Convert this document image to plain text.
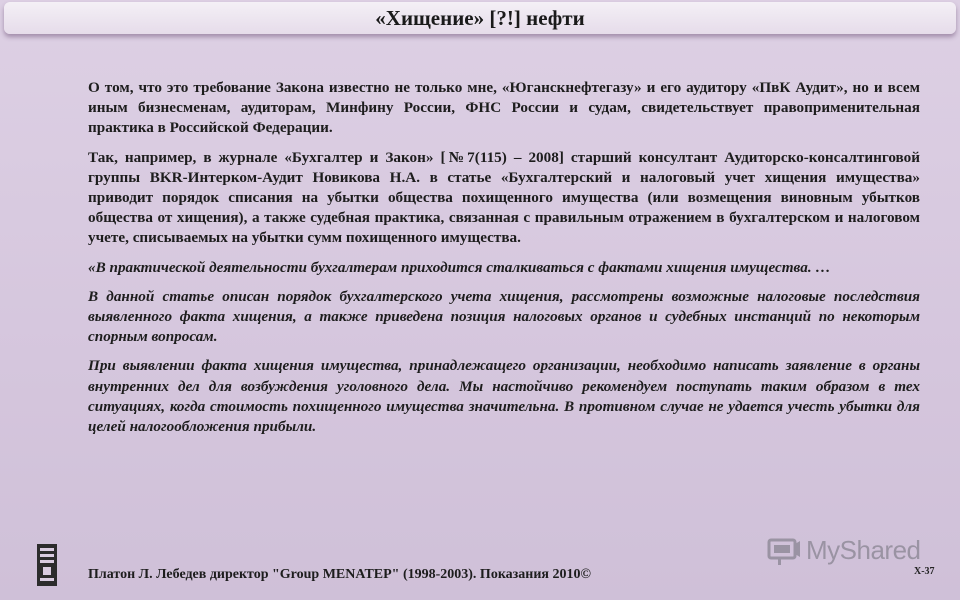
«Хищение» [?!] нефти

О том, что это требование Закона известно не только мне, «Юганскнефтегазу» и его аудитору «ПвК Аудит», но и всем иным бизнесменам, аудиторам, Минфину России, ФНС России и судам, свидетельствует правоприменительная практика в Российской Федерации.

Так, например, в журнале «Бухгалтер и Закон» [№7(115) – 2008] старший консултант Аудиторско-консалтинговой группы BKR-Интерком-Аудит Новикова Н.А. в статье «Бухгалтерский и налоговый учет хищения имущества» приводит порядок списания на убытки общества похищенного имущества (или возмещения виновным убытков общества от хищения), а также судебная практика, связанная с правильным отражением в бухгалтерском и налоговом учете, списываемых на убытки сумм похищенного имущества.

«В практической деятельности бухгалтерам приходится сталкиваться с фактами хищения имущества. …

В данной статье описан порядок бухгалтерского учета хищения, рассмотрены возможные налоговые последствия выявленного факта хищения, а также приведена позиция налоговых органов и судебных инстанций по некоторым спорным вопросам.

При выявлении факта хищения имущества, принадлежащего организации, необходимо написать заявление в органы внутренних дел для возбуждения уголовного дела. Мы настойчиво рекомендуем поступать таким образом в тех ситуациях, когда стоимость похищенного имущества значительна. В противном случае не удается учесть убытки для целей налогообложения прибыли.

Платон Л. Лебедев директор "Group MENATEP" (1998-2003). Показания 2010©
MyShared
X-37
